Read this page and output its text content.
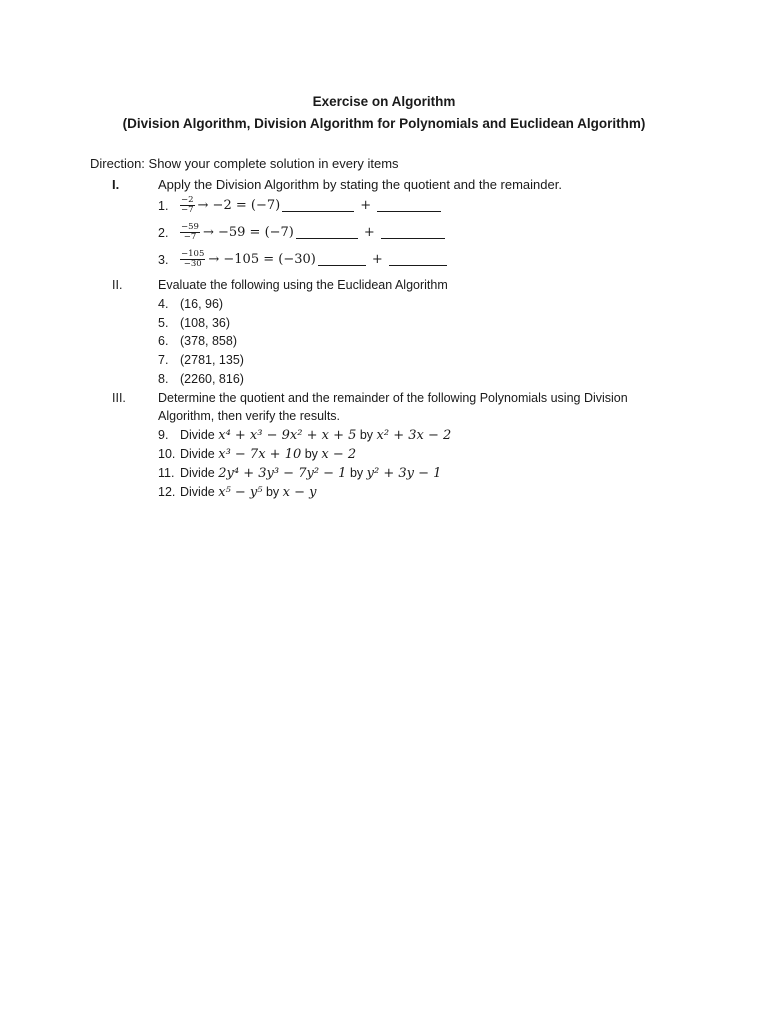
Exercise on Algorithm
(Division Algorithm, Division Algorithm for Polynomials and Euclidean Algorithm)
Direction: Show your complete solution in every items
I.	Apply the Division Algorithm by stating the quotient and the remainder.
1.	$\frac{-2}{-7} \to -2 = (-7)$	+
2.	$\frac{-59}{-7} \to -59 = (-7)$	+
3.	$\frac{-105}{-30} \to -105 = (-30)$	+
II.	Evaluate the following using the Euclidean Algorithm
4. (16, 96)
5. (108, 36)
6. (378, 858)
7. (2781, 135)
8. (2260, 816)
III.	Determine the quotient and the remainder of the following Polynomials using Division
Algorithm, then verify the results.
9. Divide x⁴ + x³ − 9x² + x + 5 by x² + 3x − 2
10. Divide x³ − 7x + 10 by x − 2
11. Divide 2y⁴ + 3y³ − 7y² − 1 by y² + 3y − 1
12. Divide x⁵ − y⁵ by x − y
